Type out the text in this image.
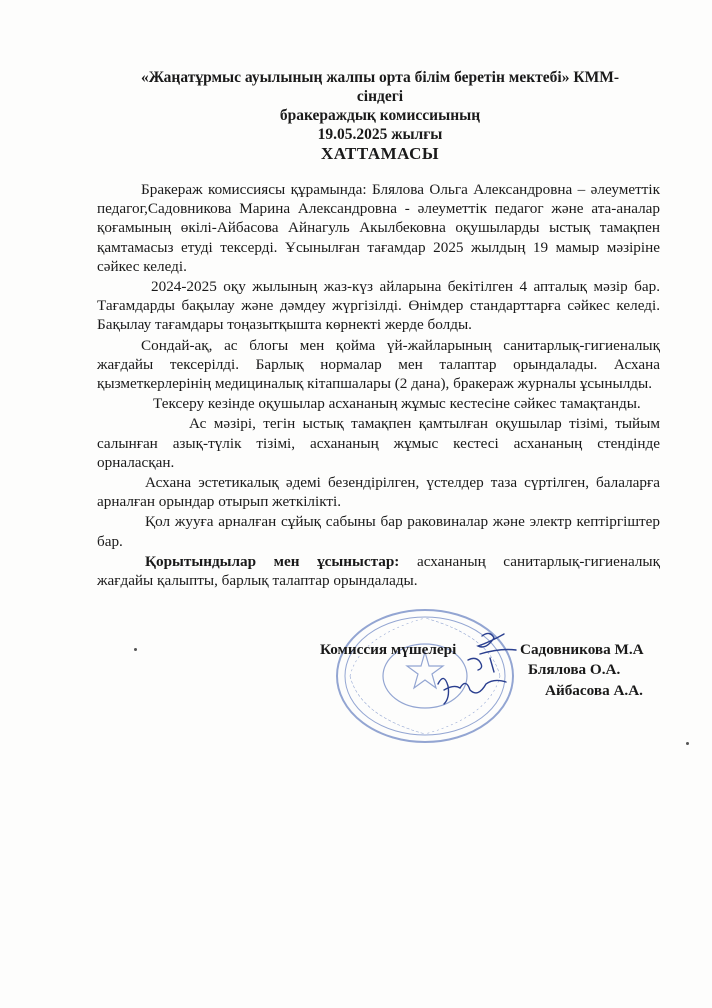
«Жаңатұрмыс ауылының жалпы орта білім беретін мектебі» КММ-
сіндегі
бракераждық комиссиының
19.05.2025 жылғы
ХАТТАМАСЫ

Бракераж комиссиясы құрамында: Блялова Ольга Александровна – әлеуметтік педагог,Садовникова Марина Александровна - әлеуметтік педагог және ата-аналар қоғамының өкілі-Айбасова Айнагуль Акылбековна оқушыларды ыстық тамақпен қамтамасыз етуді тексерді. Ұсынылған тағамдар 2025 жылдың 19 мамыр мәзіріне сәйкес келеді.

2024-2025 оқу жылының жаз-күз айларына бекітілген 4 апталық мәзір бар. Тағамдарды бақылау және дәмдеу жүргізілді. Өнімдер стандарттарға сәйкес келеді. Бақылау тағамдары тоңазытқышта көрнекті жерде болды.

Сондай-ақ, ас блогы мен қойма үй-жайларының санитарлық-гигиеналық жағдайы тексерілді. Барлық нормалар мен талаптар орындалады. Асхана қызметкерлерінің медициналық кітапшалары (2 дана), бракераж журналы ұсынылды.

Тексеру кезінде оқушылар асхананың жұмыс кестесіне сәйкес тамақтанды.

Ас мәзірі, тегін ыстық тамақпен қамтылған оқушылар тізімі, тыйым салынған азық-түлік тізімі, асхананың жұмыс кестесі асхананың стендінде орналасқан.

Асхана эстетикалық әдемі безендірілген, үстелдер таза сүртілген, балаларға арналған орындар отырып жеткілікті.

Қол жууға арналған сұйық сабыны бар раковиналар және электр кептіргіштер бар.

Қорытындылар мен ұсыныстар: асхананың санитарлық-гигиеналық жағдайы қалыпты, барлық талаптар орындалады.

Комиссия мүшелері	Садовникова М.А
Блялова О.А.
Айбасова А.А.
